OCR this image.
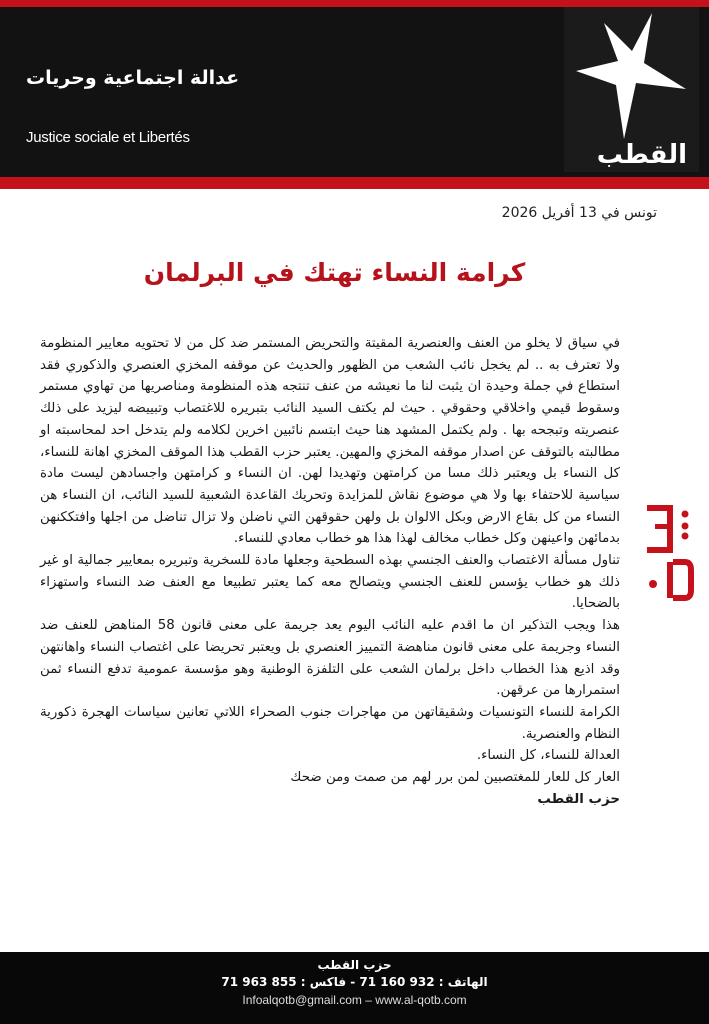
عدالة اجتماعية وحريات
Justice sociale et Libertés
القطب
تونس في 13 أفريل 2026
كرامة النساء تهتك في البرلمان

في سياق لا يخلو من العنف والعنصرية المقيتة والتحريض المستمر ضد كل من لا تحتويه معايير المنظومة ولا تعترف به .. لم يخجل نائب الشعب من الظهور والحديث عن موقفه المخزي العنصري والذكوري فقد استطاع في جملة وحيدة ان يثبت لنا ما نعيشه من عنف تنتجه هذه المنظومة ومناصريها من تهاوي مستمر وسقوط قيمي واخلاقي وحقوقي . حيث لم يكتف السيد النائب بتبريره للاغتصاب وتبييضه ليزيد على ذلك عنصريته وتبجحه بها . ولم يكتمل المشهد هنا حيث ابتسم نائبين اخرين لكلامه ولم يتدخل احد لمحاسبته او مطالبته بالتوقف عن اصدار موقفه المخزي والمهين. يعتبر حزب القطب هذا الموقف المخزي اهانة للنساء، كل النساء بل ويعتبر ذلك مسا من كرامتهن وتهديدا لهن. ان النساء و كرامتهن واجسادهن ليست مادة سياسية للاحتفاء بها ولا هي موضوع نقاش للمزايدة وتحريك القاعدة الشعبية للسيد النائب، ان النساء هن النساء من كل بقاع الارض وبكل الالوان بل ولهن حقوقهن التي ناضلن ولا تزال تناضل من اجلها وافتككنهن بدمائهن واعينهن وكل خطاب مخالف لهذا هذا هو خطاب معادي للنساء.

تناول مسألة الاغتصاب والعنف الجنسي بهذه السطحية وجعلها مادة للسخرية وتبريره بمعايير جمالية او غير ذلك هو خطاب يؤسس للعنف الجنسي ويتصالح معه كما يعتبر تطبيعا مع العنف ضد النساء واستهزاء بالضحايا.

هذا ويجب التذكير ان ما اقدم عليه النائب اليوم يعد جريمة على معنى قانون 58 المناهض للعنف ضد النساء وجريمة على معنى قانون مناهضة التمييز العنصري بل ويعتبر تحريضا على اغتصاب النساء واهانتهن وقد اذيع هذا الخطاب داخل برلمان الشعب على التلفزة الوطنية وهو مؤسسة عمومية تدفع النساء ثمن استمرارها من عرقهن.

الكرامة للنساء التونسيات وشقيقاتهن من مهاجرات جنوب الصحراء اللاتي تعانين سياسات الهجرة ذكورية النظام والعنصرية.

العدالة للنساء، كل النساء.

العار كل للعار للمغتصبين لمن برر لهم من صمت ومن ضحك

حزب القطب

حزب القطب
الهاتف : 932 160 71 - فاكس : 855 963 71
Infoalqotb@gmail.com – www.al-qotb.com
